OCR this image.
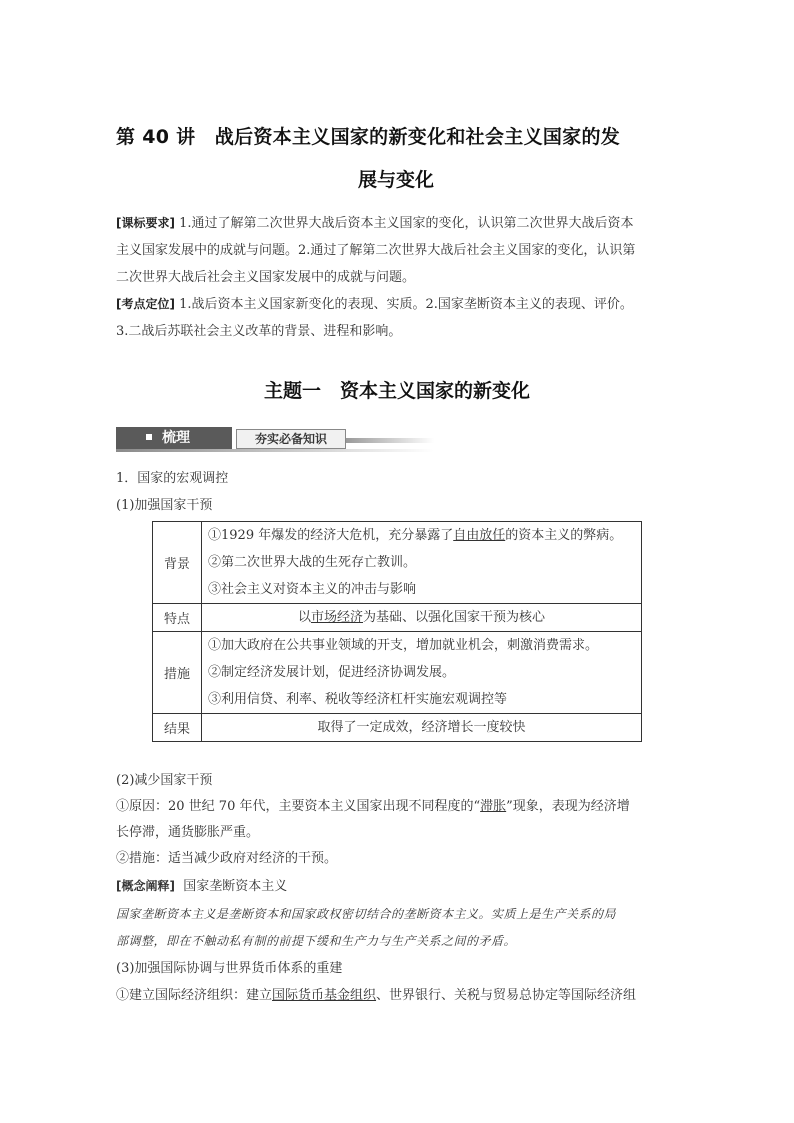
第 40 讲　战后资本主义国家的新变化和社会主义国家的发
展与变化
[课标要求] 1.通过了解第二次世界大战后资本主义国家的变化，认识第二次世界大战后资本
主义国家发展中的成就与问题。2.通过了解第二次世界大战后社会主义国家的变化，认识第
二次世界大战后社会主义国家发展中的成就与问题。
[考点定位] 1.战后资本主义国家新变化的表现、实质。2.国家垄断资本主义的表现、评价。
3.二战后苏联社会主义改革的背景、进程和影响。
主题一　资本主义国家的新变化
梳理	夯实必备知识
1．国家的宏观调控
(1)加强国家干预
背景	①1929 年爆发的经济大危机，充分暴露了自由放任的资本主义的弊病。
②第二次世界大战的生死存亡教训。
③社会主义对资本主义的冲击与影响

特点	以市场经济为基础、以强化国家干预为核心
措施	①加大政府在公共事业领域的开支，增加就业机会，刺激消费需求。
②制定经济发展计划，促进经济协调发展。
③利用信贷、利率、税收等经济杠杆实施宏观调控等

结果	取得了一定成效，经济增长一度较快
(2)减少国家干预
①原因：20 世纪 70 年代，主要资本主义国家出现不同程度的“滞胀”现象，表现为经济增
长停滞，通货膨胀严重。
②措施：适当减少政府对经济的干预。
[概念阐释] 国家垄断资本主义
国家垄断资本主义是垄断资本和国家政权密切结合的垄断资本主义。实质上是生产关系的局
部调整，即在不触动私有制的前提下缓和生产力与生产关系之间的矛盾。
(3)加强国际协调与世界货币体系的重建
①建立国际经济组织：建立国际货币基金组织、世界银行、关税与贸易总协定等国际经济组
